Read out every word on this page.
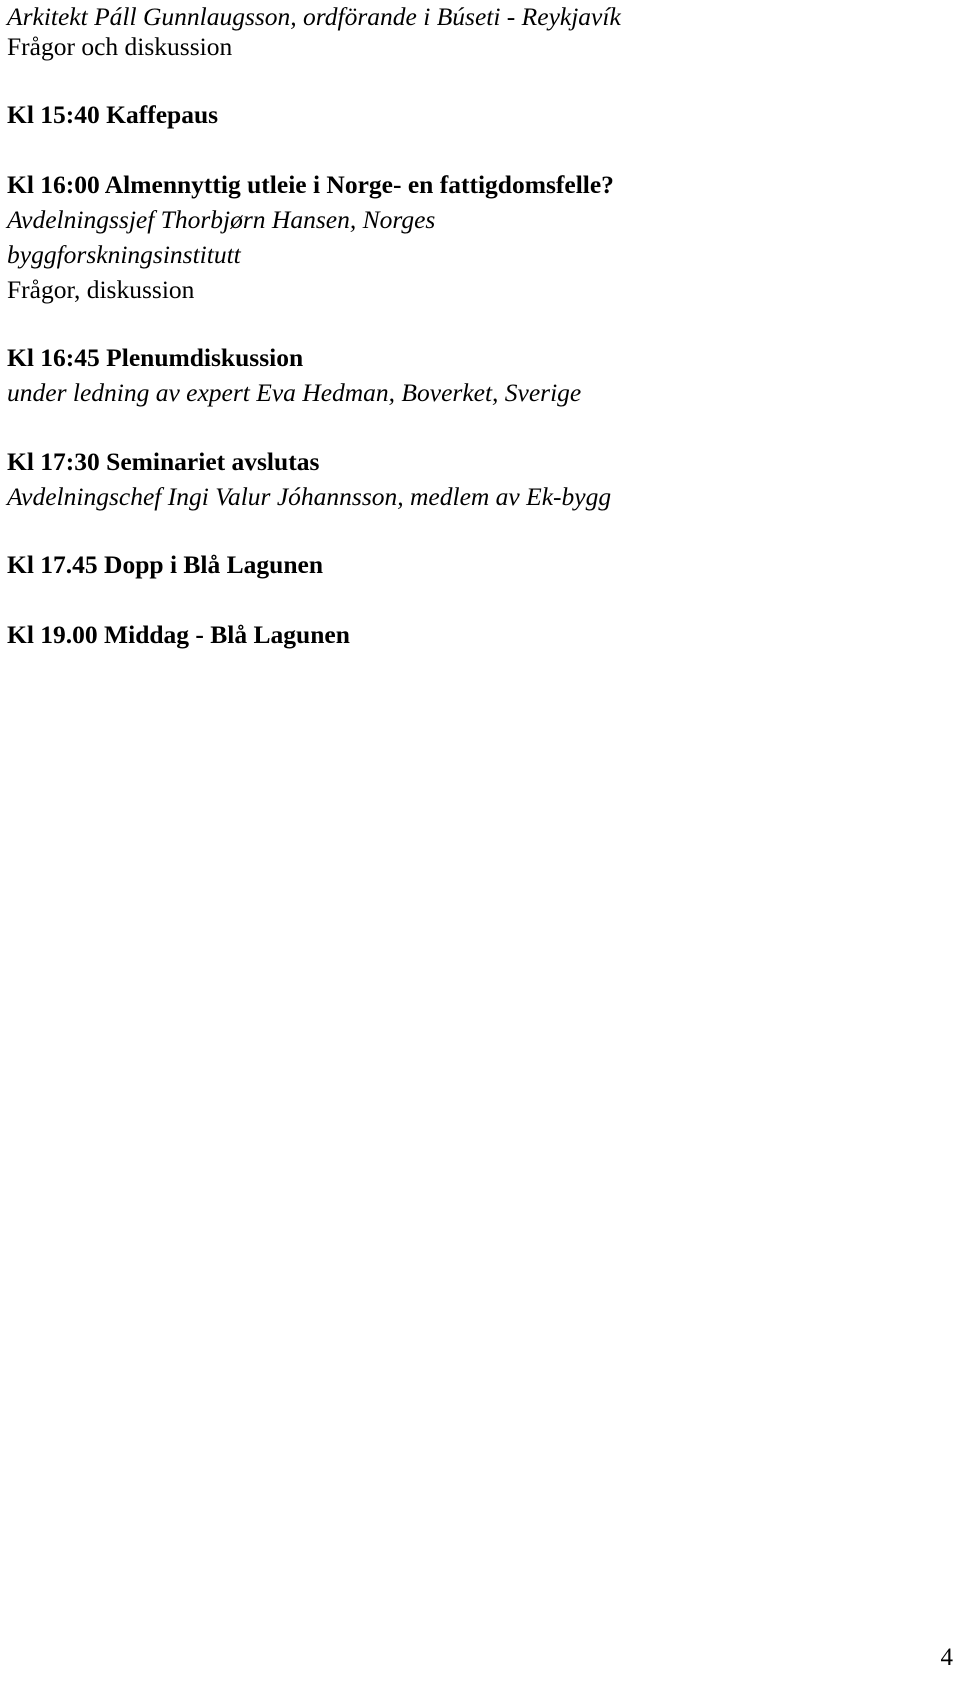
Arkitekt Páll Gunnlaugsson, ordförande i Búseti - Reykjavík

Frågor och diskussion

Kl 15:40 Kaffepaus

Kl 16:00 Almennyttig utleie i Norge- en fattigdomsfelle?

Avdelningssjef Thorbjørn Hansen, Norges

byggforskningsinstitutt

Frågor, diskussion

Kl 16:45 Plenumdiskussion

under ledning av expert Eva Hedman, Boverket, Sverige

Kl 17:30 Seminariet avslutas

Avdelningschef Ingi Valur Jóhannsson, medlem av Ek-bygg

Kl 17.45 Dopp i Blå Lagunen

Kl 19.00 Middag - Blå Lagunen

4
